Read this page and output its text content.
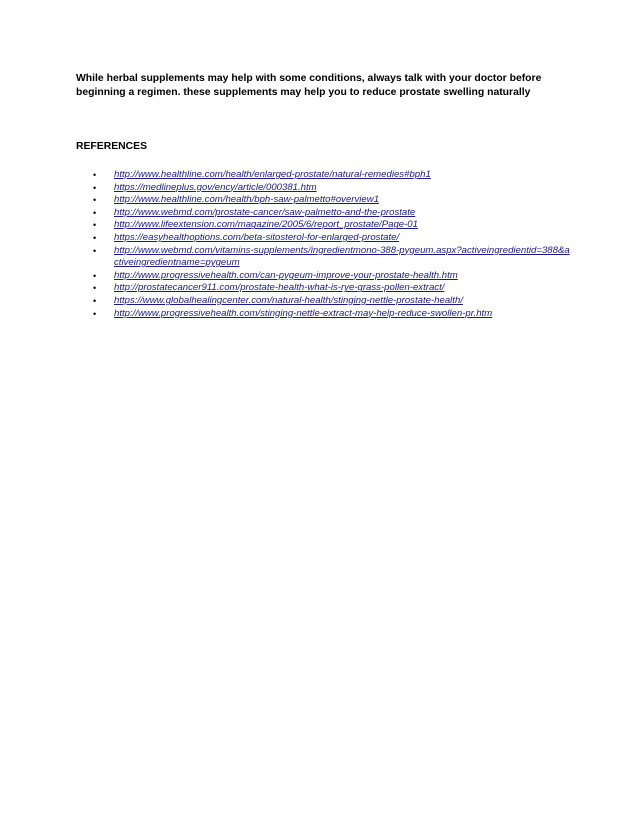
While herbal supplements may help with some conditions, always talk with your doctor before beginning a regimen. these supplements may help you to reduce prostate swelling naturally

REFERENCES

• http://www.healthline.com/health/enlarged-prostate/natural-remedies#bph1
• https://medlineplus.gov/ency/article/000381.htm
• http://www.healthline.com/health/bph-saw-palmetto#overview1
• http://www.webmd.com/prostate-cancer/saw-palmetto-and-the-prostate
• http://www.lifeextension.com/magazine/2005/6/report_prostate/Page-01
• https://easyhealthoptions.com/beta-sitosterol-for-enlarged-prostate/
• http://www.webmd.com/vitamins-supplements/ingredientmono-388-pygeum.aspx?activeingredientid=388&activeingredientname=pygeum
• http://www.progressivehealth.com/can-pygeum-improve-your-prostate-health.htm
• http://prostatecancer911.com/prostate-health-what-is-rye-grass-pollen-extract/
• https://www.globalhealingcenter.com/natural-health/stinging-nettle-prostate-health/
• http://www.progressivehealth.com/stinging-nettle-extract-may-help-reduce-swollen-pr.htm
